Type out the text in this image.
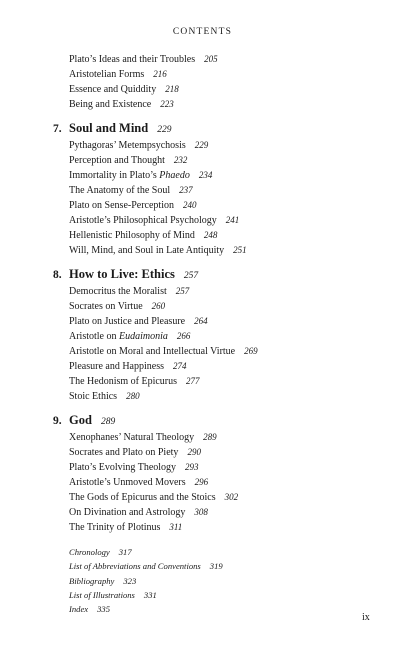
CONTENTS
Plato’s Ideas and their Troubles 205
Aristotelian Forms 216
Essence and Quiddity 218
Being and Existence 223
7. Soul and Mind 229
Pythagoras’ Metempsychosis 229
Perception and Thought 232
Immortality in Plato’s Phaedo 234
The Anatomy of the Soul 237
Plato on Sense-Perception 240
Aristotle’s Philosophical Psychology 241
Hellenistic Philosophy of Mind 248
Will, Mind, and Soul in Late Antiquity 251
8. How to Live: Ethics 257
Democritus the Moralist 257
Socrates on Virtue 260
Plato on Justice and Pleasure 264
Aristotle on Eudaimonia 266
Aristotle on Moral and Intellectual Virtue 269
Pleasure and Happiness 274
The Hedonism of Epicurus 277
Stoic Ethics 280
9. God 289
Xenophanes’ Natural Theology 289
Socrates and Plato on Piety 290
Plato’s Evolving Theology 293
Aristotle’s Unmoved Movers 296
The Gods of Epicurus and the Stoics 302
On Divination and Astrology 308
The Trinity of Plotinus 311
Chronology 317
List of Abbreviations and Conventions 319
Bibliography 323
List of Illustrations 331
Index 335
ix
